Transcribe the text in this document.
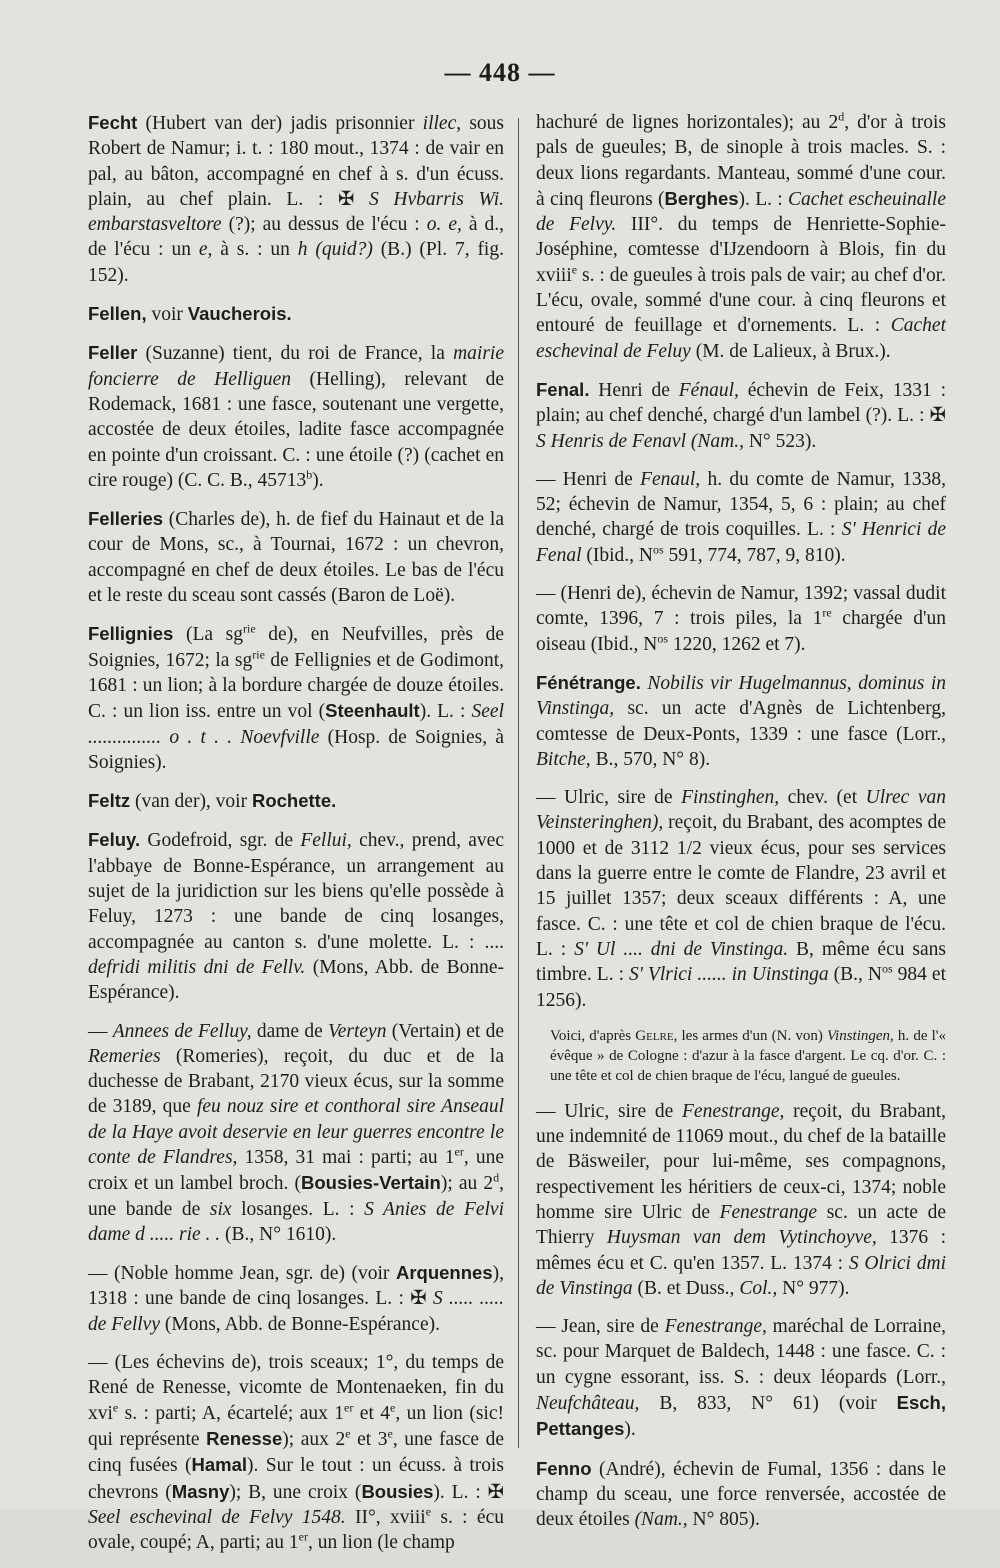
— 448 —

Fecht (Hubert van der) jadis prisonnier illec, sous Robert de Namur; i. t. : 180 mout., 1374 : de vair en pal, au bâton, accompagné en chef à s. d'un écuss. plain, au chef plain. L. : ✠ S Hvbarris Wi. embarstasveltore (?); au dessus de l'écu : o. e, à d., de l'écu : un e, à s. : un h (quid?) (B.) (Pl. 7, fig. 152).

Fellen, voir Vaucherois.

Feller (Suzanne) tient, du roi de France, la mairie foncierre de Helliguen (Helling), relevant de Rodemack, 1681 : une fasce, soutenant une vergette, accostée de deux étoiles, ladite fasce accompagnée en pointe d'un croissant. C. : une étoile (?) (cachet en cire rouge) (C. C. B., 45713$^b$).

Felleries (Charles de), h. de fief du Hainaut et de la cour de Mons, sc., à Tournai, 1672 : un chevron, accompagné en chef de deux étoiles. Le bas de l'écu et le reste du sceau sont cassés (Baron de Loë).

Fellignies (La $sg^{rie}$ de), en Neufvilles, près de Soignies, 1672; la $sg^{rie}$ de Fellignies et de Godimont, 1681 : un lion; à la bordure chargée de douze étoiles. C. : un lion iss. entre un vol (Steenhault). L. : Seel ............... o . t . . Noevfville (Hosp. de Soignies, à Soignies).

Feltz (van der), voir Rochette.

Feluy. Godefroid, sgr. de Fellui, chev., prend, avec l'abbaye de Bonne-Espérance, un arrangement au sujet de la juridiction sur les biens qu'elle possède à Feluy, 1273 : une bande de cinq losanges, accompagnée au canton s. d'une molette. L. : .... defridi militis dni de Fellv. (Mons, Abb. de Bonne-Espérance).

— Annees de Felluy, dame de Verteyn (Vertain) et de Remeries (Romeries), reçoit, du duc et de la duchesse de Brabant, 2170 vieux écus, sur la somme de 3189, que feu nouz sire et conthoral sire Anseaul de la Haye avoit deservie en leur guerres encontre le conte de Flandres, 1358, 31 mai : parti; au 1er, une croix et un lambel broch. (Bousies-Vertain); au 2$^d$, une bande de six losanges. L. : S Anies de Felvi dame d ..... rie . . (B., N° 1610).

— (Noble homme Jean, sgr. de) (voir Arquennes), 1318 : une bande de cinq losanges. L. : ✠ S ..... ..... de Fellvy (Mons, Abb. de Bonne-Espérance).

— (Les échevins de), trois sceaux; 1°, du temps de René de Renesse, vicomte de Montenaeken, fin du xvi$^e$ s. : parti; A, écartelé; aux 1er et 4e, un lion (sic! qui représente Renesse); aux 2e et 3e, une fasce de cinq fusées (Hamal). Sur le tout : un écuss. à trois chevrons (Masny); B, une croix (Bousies). L. : ✠ Seel eschevinal de Felvy 1548. II°, xviii$^e$ s. : écu ovale, coupé; A, parti; au 1er, un lion (le champ

hachuré de lignes horizontales); au 2$^d$, d'or à trois pals de gueules; B, de sinople à trois macles. S. : deux lions regardants. Manteau, sommé d'une cour. à cinq fleurons (Berghes). L. : Cachet escheuinalle de Felvy. III°. du temps de Henriette-Sophie-Joséphine, comtesse d'IJzendoorn à Blois, fin du xviii$^e$ s. : de gueules à trois pals de vair; au chef d'or. L'écu, ovale, sommé d'une cour. à cinq fleurons et entouré de feuillage et d'ornements. L. : Cachet eschevinal de Feluy (M. de Lalieux, à Brux.).

Fenal. Henri de Fénaul, échevin de Feix, 1331 : plain; au chef denché, chargé d'un lambel (?). L. : ✠ S Henris de Fenavl (Nam., N° 523).

— Henri de Fenaul, h. du comte de Namur, 1338, 52; échevin de Namur, 1354, 5, 6 : plain; au chef denché, chargé de trois coquilles. L. : S' Henrici de Fenal (Ibid., $N^{os}$ 591, 774, 787, 9, 810).

— (Henri de), échevin de Namur, 1392; vassal dudit comte, 1396, 7 : trois piles, la 1re chargée d'un oiseau (Ibid., $N^{os}$ 1220, 1262 et 7).

Fénétrange. Nobilis vir Hugelmannus, dominus in Vinstinga, sc. un acte d'Agnès de Lichtenberg, comtesse de Deux-Ponts, 1339 : une fasce (Lorr., Bitche, B., 570, N° 8).

— Ulric, sire de Finstinghen, chev. (et Ulrec van Veinsteringhen), reçoit, du Brabant, des acomptes de 1000 et de 3112 1/2 vieux écus, pour ses services dans la guerre entre le comte de Flandre, 23 avril et 15 juillet 1357; deux sceaux différents : A, une fasce. C. : une tête et col de chien braque de l'écu. L. : S' Ul .... dni de Vinstinga. B, même écu sans timbre. L. : S' Vlrici ...... in Uinstinga (B., $N^{os}$ 984 et 1256).

Voici, d'après Gelre, les armes d'un (N. von) Vinstingen, h. de l'« évêque » de Cologne : d'azur à la fasce d'argent. Le cq. d'or. C. : une tête et col de chien braque de l'écu, langué de gueules.

— Ulric, sire de Fenestrange, reçoit, du Brabant, une indemnité de 11069 mout., du chef de la bataille de Bäsweiler, pour lui-même, ses compagnons, respectivement les héritiers de ceux-ci, 1374; noble homme sire Ulric de Fenestrange sc. un acte de Thierry Huysman van dem Vytinchoyve, 1376 : mêmes écu et C. qu'en 1357. L. 1374 : S Olrici dmi de Vinstinga (B. et Duss., Col., N° 977).

— Jean, sire de Fenestrange, maréchal de Lorraine, sc. pour Marquet de Baldech, 1448 : une fasce. C. : un cygne essorant, iss. S. : deux léopards (Lorr., Neufchâteau, B, 833, N° 61) (voir Esch, Pettanges).

Fenno (André), échevin de Fumal, 1356 : dans le champ du sceau, une force renversée, accostée de deux étoiles (Nam., N° 805).
